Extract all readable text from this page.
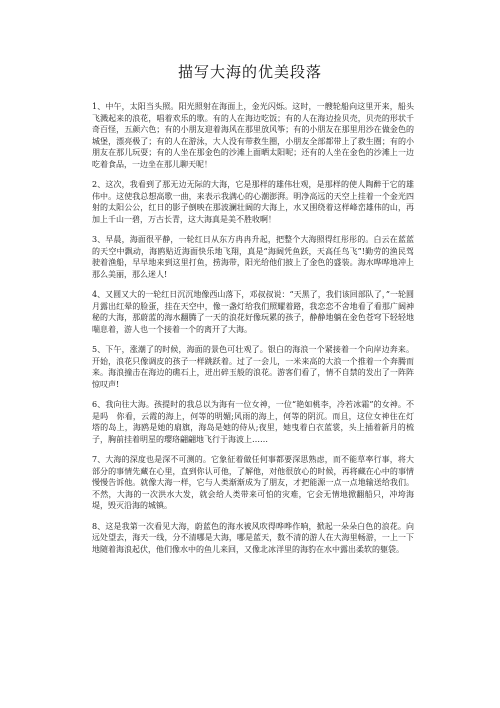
描写大海的优美段落

1、中午，太阳当头照。阳光照射在海面上，金光闪烁。这时，一艘轮船向这里开来，船头飞溅起来的浪花，唱着欢乐的歌。有的人在海边吃饭；有的人在海边捡贝壳，贝壳的形状千奇百怪，五颜六色；有的小朋友迎着海风在那里放风筝；有的小朋友在那里用沙在做金色的城堡，漂亮极了；有的人在游泳，大人没有带救生圈，小朋友全部都带上了救生圈；有的小朋友在那儿玩耍；有的人坐在那金色的沙滩上面晒太阳呢；还有的人坐在金色的沙滩上一边吃着食品，一边坐在那儿聊天呢！

2、这次，我看到了那无边无际的大海，它是那样的雄伟壮观，是那样的使人陶醉于它的雄伟中。这使我总想高歌一曲，来表示我满心的心潮澎湃。明净高远的天空上挂着一个金光四射的太阳公公，红日的影子倒映在那波澜壮阔的大海上，水又围绕着这样峰峦雄伟的山，再加上千山一碧，万古长青，这大海真是美不胜收啊！

3、早晨，海面很平静，一轮红日从东方冉冉升起，把整个大海照得红彤彤的。白云在蓝蓝的天空中飘动，海鸥贴近海面快乐地飞翔，真是“海阔凭鱼跃，天高任鸟飞”!勤劳的渔民驾驶着渔船，早早地来到这里打鱼，捞海带，阳光给他们披上了金色的盛装。海水哗哗地冲上那么美丽，那么迷人!

4、又圆又大的一轮红日沉沉地像西山落下，邓叔叔说：“天黑了，我们该回部队了，”一轮圆月露出红晕的脸蛋，挂在天空中，像一盏灯给我们照耀着路，我恋恋不舍地看了看那广阔神秘的大海，那蔚蓝的海水翻腾了一天的浪花好像玩累的孩子，静静地躺在金色苍穹下轻轻地喘息着，游人也一个接着一个的离开了大海。

5、下午，涨潮了的时候，海面的景色可壮观了。银白的海浪一个紧接着一个向岸边奔来。开始，浪花只像调皮的孩子一样跳跃着。过了一会儿，一米来高的大浪一个推着一个奔腾而来。海浪撞击在海边的礁石上，迸出碎玉般的浪花。游客们看了，情不自禁的发出了一阵阵惊叹声!

6、我向往大海。孩提时的我总以为海有一位女神，一位“艳如桃李，冷若冰霜”的女神。不是吗　你看，云霞的海上，何等的明媚;风雨的海上，何等的阴沉。而且，这位女神住在灯塔的岛上，海鸥是她的扇旗，海岛是她的侍从;夜里，她曳着白衣蓝裳，头上插着新月的梳子，胸前挂着明星的璎珞翩翩地飞行于海波上……

7、大海的深度也是深不可测的。它象征着做任何事都要深思熟虑，而不能草率行事，将大部分的事情先藏在心里，直到你认可他，了解他，对他很放心的时候，再将藏在心中的事情慢慢告诉他。就像大海一样，它与人类渐渐成为了朋友，才把能源一点一点地输送给我们。不然，大海的一次洪水大发，就会给人类带来可怕的灾难，它会无情地掀翻船只，冲垮海堤，毁灭沿海的城镇。

8、这是我第一次看见大海，蔚蓝色的海水被风吹得哗哗作响，掀起一朵朵白色的浪花。向远处望去，海天一线，分不清哪是大海，哪是蓝天，数不清的游人在大海里畅游，一上一下地随着海浪起伏，他们像水中的鱼儿来回，又像北冰洋里的海豹在水中露出柔软的躯袋。
